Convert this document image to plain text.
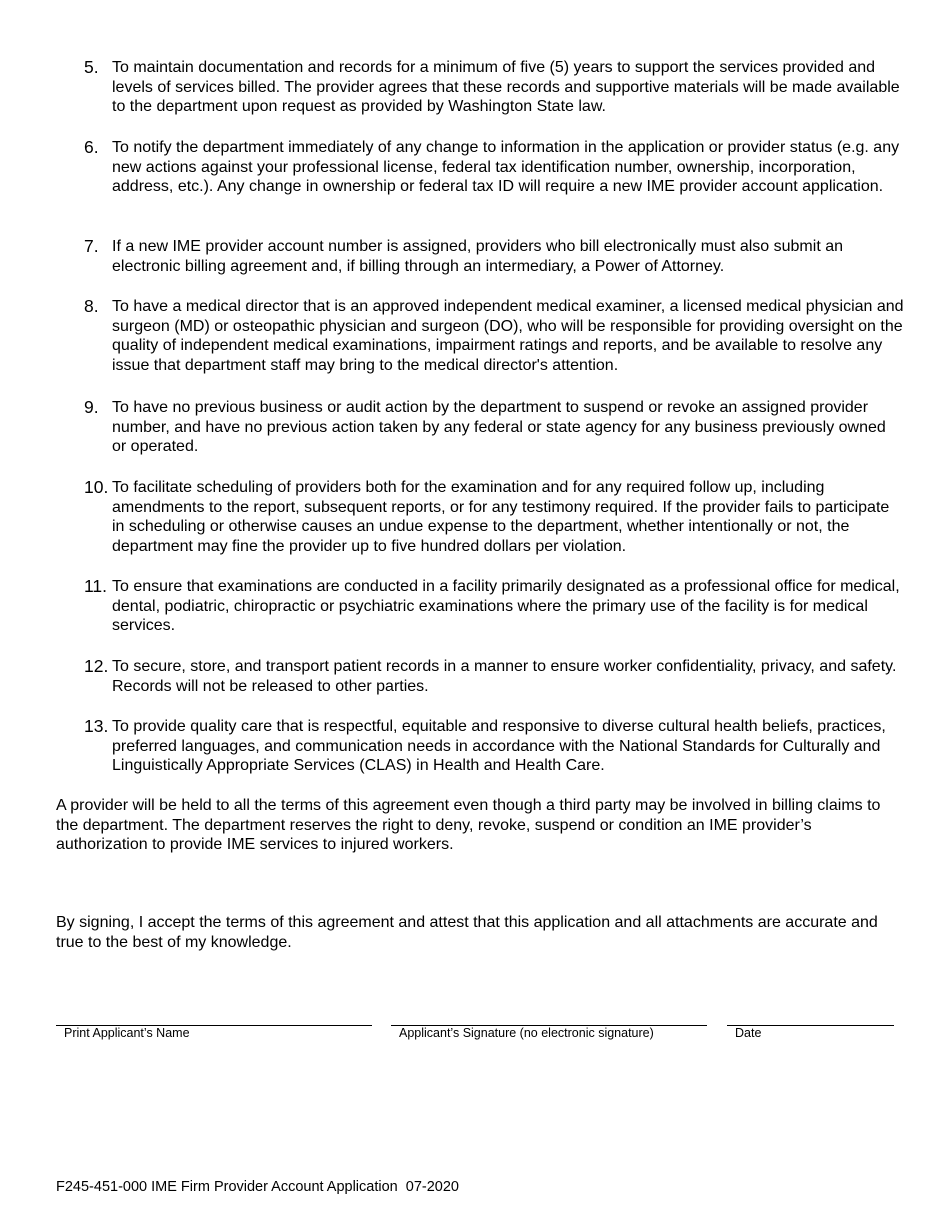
5. To maintain documentation and records for a minimum of five (5) years to support the services provided and levels of services billed. The provider agrees that these records and supportive materials will be made available to the department upon request as provided by Washington State law.
6. To notify the department immediately of any change to information in the application or provider status (e.g. any new actions against your professional license, federal tax identification number, ownership, incorporation, address, etc.). Any change in ownership or federal tax ID will require a new IME provider account application.
7. If a new IME provider account number is assigned, providers who bill electronically must also submit an electronic billing agreement and, if billing through an intermediary, a Power of Attorney.
8. To have a medical director that is an approved independent medical examiner, a licensed medical physician and surgeon (MD) or osteopathic physician and surgeon (DO), who will be responsible for providing oversight on the quality of independent medical examinations, impairment ratings and reports, and be available to resolve any issue that department staff may bring to the medical director's attention.
9. To have no previous business or audit action by the department to suspend or revoke an assigned provider number, and have no previous action taken by any federal or state agency for any business previously owned or operated.
10. To facilitate scheduling of providers both for the examination and for any required follow up, including amendments to the report, subsequent reports, or for any testimony required. If the provider fails to participate in scheduling or otherwise causes an undue expense to the department, whether intentionally or not, the department may fine the provider up to five hundred dollars per violation.
11. To ensure that examinations are conducted in a facility primarily designated as a professional office for medical, dental, podiatric, chiropractic or psychiatric examinations where the primary use of the facility is for medical services.
12. To secure, store, and transport patient records in a manner to ensure worker confidentiality, privacy, and safety. Records will not be released to other parties.
13. To provide quality care that is respectful, equitable and responsive to diverse cultural health beliefs, practices, preferred languages, and communication needs in accordance with the National Standards for Culturally and Linguistically Appropriate Services (CLAS) in Health and Health Care.

A provider will be held to all the terms of this agreement even though a third party may be involved in billing claims to the department. The department reserves the right to deny, revoke, suspend or condition an IME provider’s authorization to provide IME services to injured workers.

By signing, I accept the terms of this agreement and attest that this application and all attachments are accurate and true to the best of my knowledge.

Print Applicant’s Name	Applicant’s Signature (no electronic signature)	Date
F245-451-000 IME Firm Provider Account Application  07-2020
